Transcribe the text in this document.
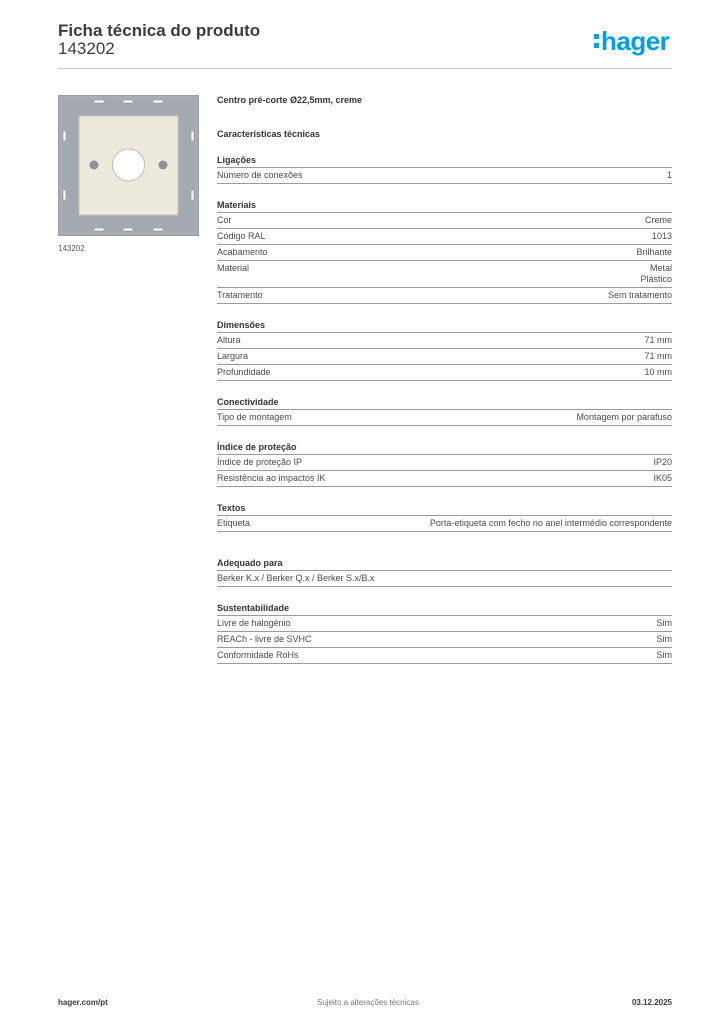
Ficha técnica do produto
143202	hager
143202
Centro pré-corte Ø22,5mm, creme
Características técnicas
Ligações
Número de conexões	1
Materiais
Cor	Creme
Código RAL	1013
Acabamento	Brilhante
Material	Metal
Plástico
Tratamento	Sem tratamento
Dimensões
Altura	71 mm
Largura	71 mm
Profundidade	10 mm
Conectividade
Tipo de montagem	Montagem por parafuso
Índice de proteção
Índice de proteção IP	IP20
Resistência ao impactos IK	IK05
Textos
Etiqueta	Porta-etiqueta com fecho no anel intermédio correspondente
Adequado para
Berker K.x / Berker Q.x / Berker S.x/B.x
Sustentabilidade
Livre de halogénio	Sim
REACh - livre de SVHC	Sim
Conformidade RoHs	Sim
hager.com/pt	Sujeito a alterações técnicas	03.12.2025
